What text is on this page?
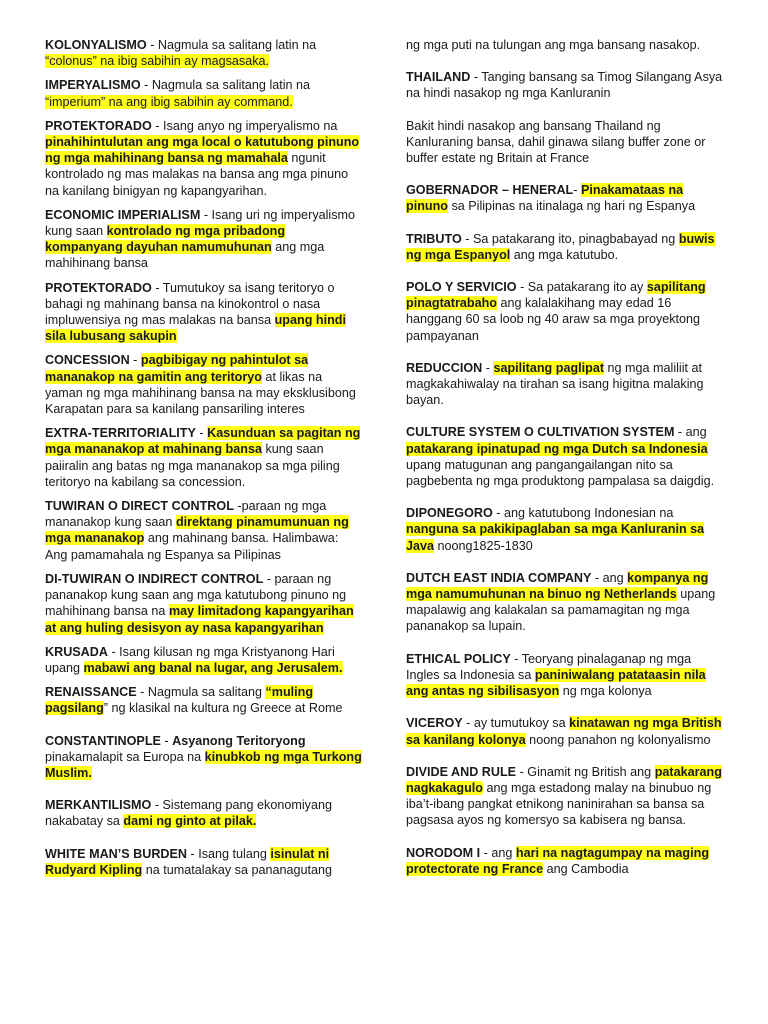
KOLONYALISMO - Nagmula sa salitang latin na “colonus” na ibig sabihin ay magsasaka.

IMPERYALISMO - Nagmula sa salitang latin na “imperium” na ang ibig sabihin ay command.

PROTEKTORADO - Isang anyo ng imperyalismo na pinahihintulutan ang mga local o katutubong pinuno ng mga mahihinang bansa ng mamahala ngunit kontrolado ng mas malakas na bansa ang mga pinuno na kanilang binigyan ng kapangyarihan.

ECONOMIC IMPERIALISM - Isang uri ng imperyalismo kung saan kontrolado ng mga pribadong kompanyang dayuhan namumuhunan ang mga mahihinang bansa

PROTEKTORADO - Tumutukoy sa isang teritoryo o bahagi ng mahinang bansa na kinokontrol o nasa impluwensiya ng mas malakas na bansa upang hindi sila lubusang sakupin

CONCESSION - pagbibigay ng pahintulot sa mananakop na gamitin ang teritoryo at likas na yaman ng mga mahihinang bansa na may eksklusibong Karapatan para sa kanilang pansariling interes

EXTRA-TERRITORIALITY - Kasunduan sa pagitan ng mga mananakop at mahinang bansa kung saan paiiralin ang batas ng mga mananakop sa mga piling teritoryo na kabilang sa concession.

TUWIRAN O DIRECT CONTROL -paraan ng mga mananakop kung saan direktang pinamumunuan ng mga mananakop ang mahinang bansa. Halimbawa: Ang pamamahala ng Espanya sa Pilipinas

DI-TUWIRAN O INDIRECT CONTROL - paraan ng pananakop kung saan ang mga katutubong pinuno ng mahihinang bansa na may limitadong kapangyarihan at ang huling desisyon ay nasa kapangyarihan

KRUSADA - Isang kilusan ng mga Kristyanong Hari upang mabawi ang banal na lugar, ang Jerusalem.

RENAISSANCE - Nagmula sa salitang “muling pagsilang” ng klasikal na kultura ng Greece at Rome

CONSTANTINOPLE - Asyanong Teritoryong pinakamalapit sa Europa na kinubkob ng mga Turkong Muslim.

MERKANTILISMO - Sistemang pang ekonomiyang nakabatay sa dami ng ginto at pilak.

WHITE MAN’S BURDEN - Isang tulang isinulat ni Rudyard Kipling na tumatalakay sa pananagutang

ng mga puti na tulungan ang mga bansang nasakop.

THAILAND - Tanging bansang sa Timog Silangang Asya na hindi nasakop ng mga Kanluranin

Bakit hindi nasakop ang bansang Thailand ng Kanluraning bansa, dahil ginawa silang buffer zone or buffer estate ng Britain at France

GOBERNADOR – HENERAL- Pinakamataas na pinuno sa Pilipinas na itinalaga ng hari ng Espanya

TRIBUTO - Sa patakarang ito, pinagbabayad ng buwis ng mga Espanyol ang mga katutubo.

POLO Y SERVICIO - Sa patakarang ito ay sapilitang pinagtatrabaho ang kalalakihang may edad 16 hanggang 60 sa loob ng 40 araw sa mga proyektong pampayanan

REDUCCION - sapilitang paglipat ng mga maliliit at magkakahiwalay na tirahan sa isang higitna malaking bayan.

CULTURE SYSTEM O CULTIVATION SYSTEM - ang patakarang ipinatupad ng mga Dutch sa Indonesia upang matugunan ang pangangailangan nito sa pagbebenta ng mga produktong pampalasa sa daigdig.

DIPONEGORO - ang katutubong Indonesian na nanguna sa pakikipaglaban sa mga Kanluranin sa Java noong1825-1830

DUTCH EAST INDIA COMPANY - ang kompanya ng mga namumuhunan na binuo ng Netherlands upang mapalawig ang kalakalan sa pamamagitan ng mga pananakop sa lupain.

ETHICAL POLICY - Teoryang pinalaganap ng mga Ingles sa Indonesia sa paniniwalang patataasin nila ang antas ng sibilisasyon ng mga kolonya

VICEROY - ay tumutukoy sa kinatawan ng mga British sa kanilang kolonya noong panahon ng kolonyalismo

DIVIDE AND RULE - Ginamit ng British ang patakarang nagkakagulo ang mga estadong malay na binubuo ng iba’t-ibang pangkat etnikong naninirahan sa bansa sa pagsasa ayos ng komersyo sa kabisera ng bansa.

NORODOM I - ang hari na nagtagumpay na maging protectorate ng France ang Cambodia
